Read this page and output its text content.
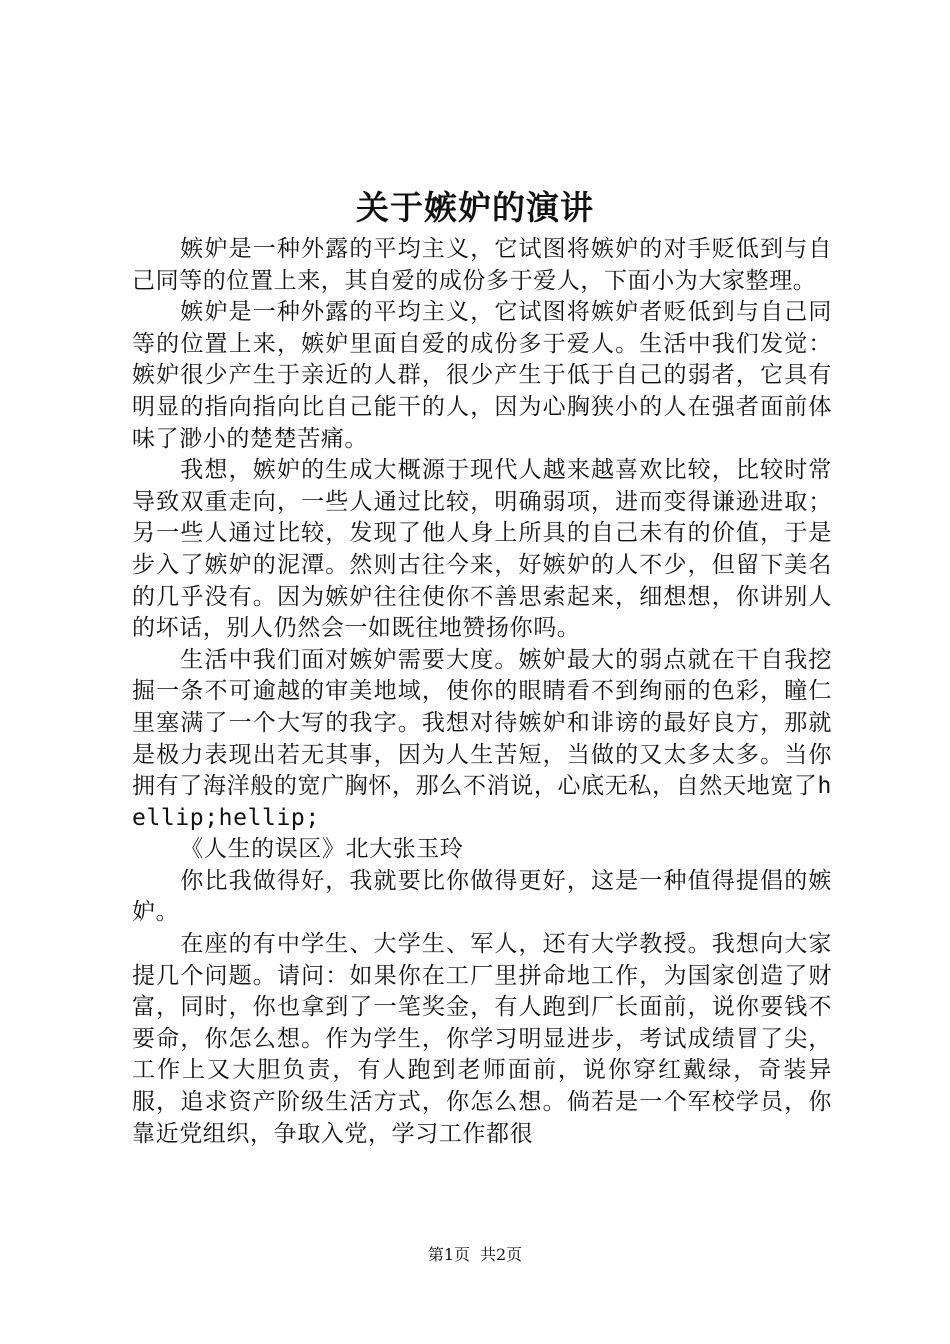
关于嫉妒的演讲

嫉妒是一种外露的平均主义，它试图将嫉妒的对手贬低到与自己同等的位置上来，其自爱的成份多于爱人，下面小为大家整理。

嫉妒是一种外露的平均主义，它试图将嫉妒者贬低到与自己同等的位置上来，嫉妒里面自爱的成份多于爱人。生活中我们发觉：嫉妒很少产生于亲近的人群，很少产生于低于自己的弱者，它具有明显的指向指向比自己能干的人，因为心胸狭小的人在强者面前体味了渺小的楚楚苦痛。

我想，嫉妒的生成大概源于现代人越来越喜欢比较，比较时常导致双重走向，一些人通过比较，明确弱项，进而变得谦逊进取；另一些人通过比较，发现了他人身上所具的自己未有的价值，于是步入了嫉妒的泥潭。然则古往今来，好嫉妒的人不少，但留下美名的几乎没有。因为嫉妒往往使你不善思索起来，细想想，你讲别人的坏话，别人仍然会一如既往地赞扬你吗。

生活中我们面对嫉妒需要大度。嫉妒最大的弱点就在干自我挖掘一条不可逾越的审美地域，使你的眼睛看不到绚丽的色彩，瞳仁里塞满了一个大写的我字。我想对待嫉妒和诽谤的最好良方，那就是极力表现出若无其事，因为人生苦短，当做的又太多太多。当你拥有了海洋般的宽广胸怀，那么不消说，心底无私，自然天地宽了hellip;hellip;

《人生的误区》北大张玉玲

你比我做得好，我就要比你做得更好，这是一种值得提倡的嫉妒。

在座的有中学生、大学生、军人，还有大学教授。我想向大家提几个问题。请问：如果你在工厂里拼命地工作，为国家创造了财富，同时，你也拿到了一笔奖金，有人跑到厂长面前，说你要钱不要命，你怎么想。作为学生，你学习明显进步，考试成绩冒了尖，工作上又大胆负责，有人跑到老师面前，说你穿红戴绿，奇装异服，追求资产阶级生活方式，你怎么想。倘若是一个军校学员，你靠近党组织，争取入党，学习工作都很

第1页 共2页
